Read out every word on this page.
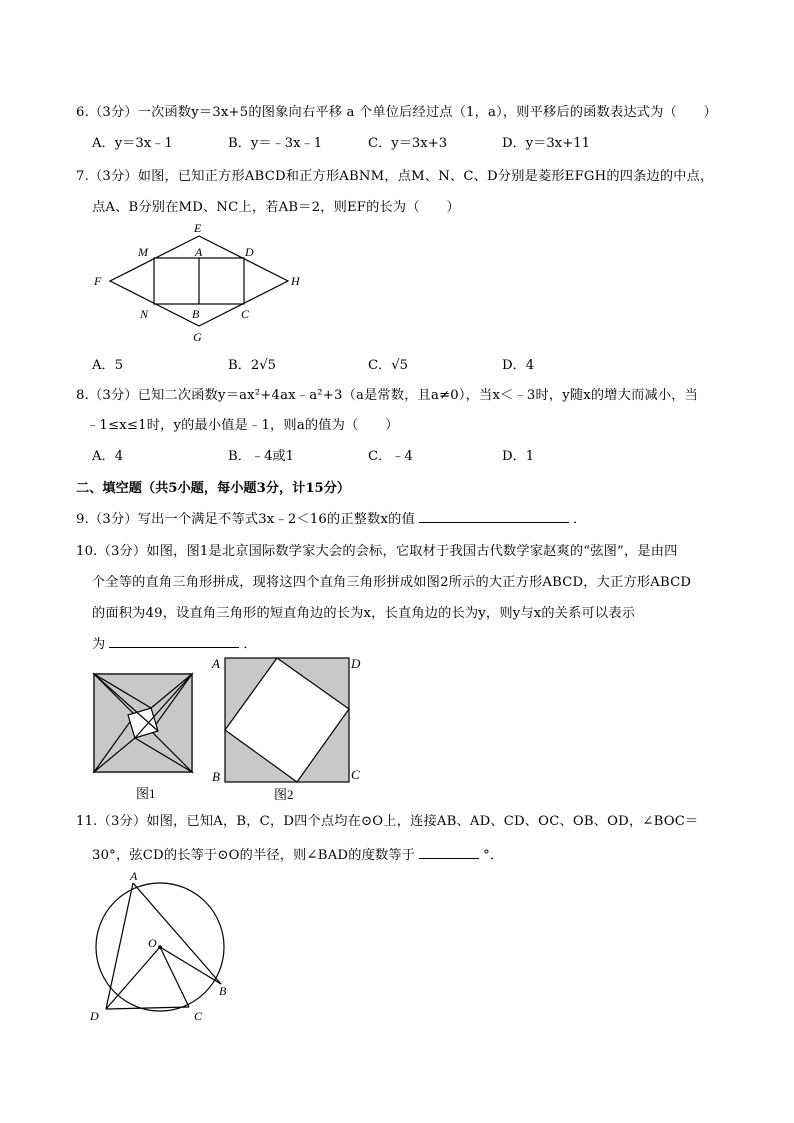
6.（3分）一次函数y＝3x+5的图象向右平移 a 个单位后经过点（1，a），则平移后的函数表达式为（　　）
A．y＝3x﹣1	B．y＝﹣3x﹣1	C．y＝3x+3	D．y＝3x+11
7.（3分）如图，已知正方形ABCD和正方形ABNM，点M、N、C、D分别是菱形EFGH的四条边的中点，
点A、B分别在MD、NC上，若AB＝2，则EF的长为（　　）
E
M	A	D
F	H
N	B	C
G
A．5	B．2√5	C．√5	D．4
8.（3分）已知二次函数y＝ax²+4ax﹣a²+3（a是常数，且a≠0），当x＜﹣3时，y随x的增大而减小，当
﹣1≤x≤1时，y的最小值是﹣1，则a的值为（　　）
A．4	B．﹣4或1	C．﹣4	D．1
二、填空题（共5小题，每小题3分，计15分）
9.（3分）写出一个满足不等式3x﹣2＜16的正整数x的值	．
10.（3分）如图，图1是北京国际数学家大会的会标，它取材于我国古代数学家赵爽的“弦图”，是由四
个全等的直角三角形拼成，现将这四个直角三角形拼成如图2所示的大正方形ABCD，大正方形ABCD
的面积为49，设直角三角形的短直角边的长为x，长直角边的长为y，则y与x的关系可以表示
为	．
图1
A	D
B	C
图2
11.（3分）如图，已知A，B，C，D四个点均在⊙O上，连接AB、AD、CD、OC、OB、OD，∠BOC＝
30°，弦CD的长等于⊙O的半径，则∠BAD的度数等于	°．
A
O
B
D	C
